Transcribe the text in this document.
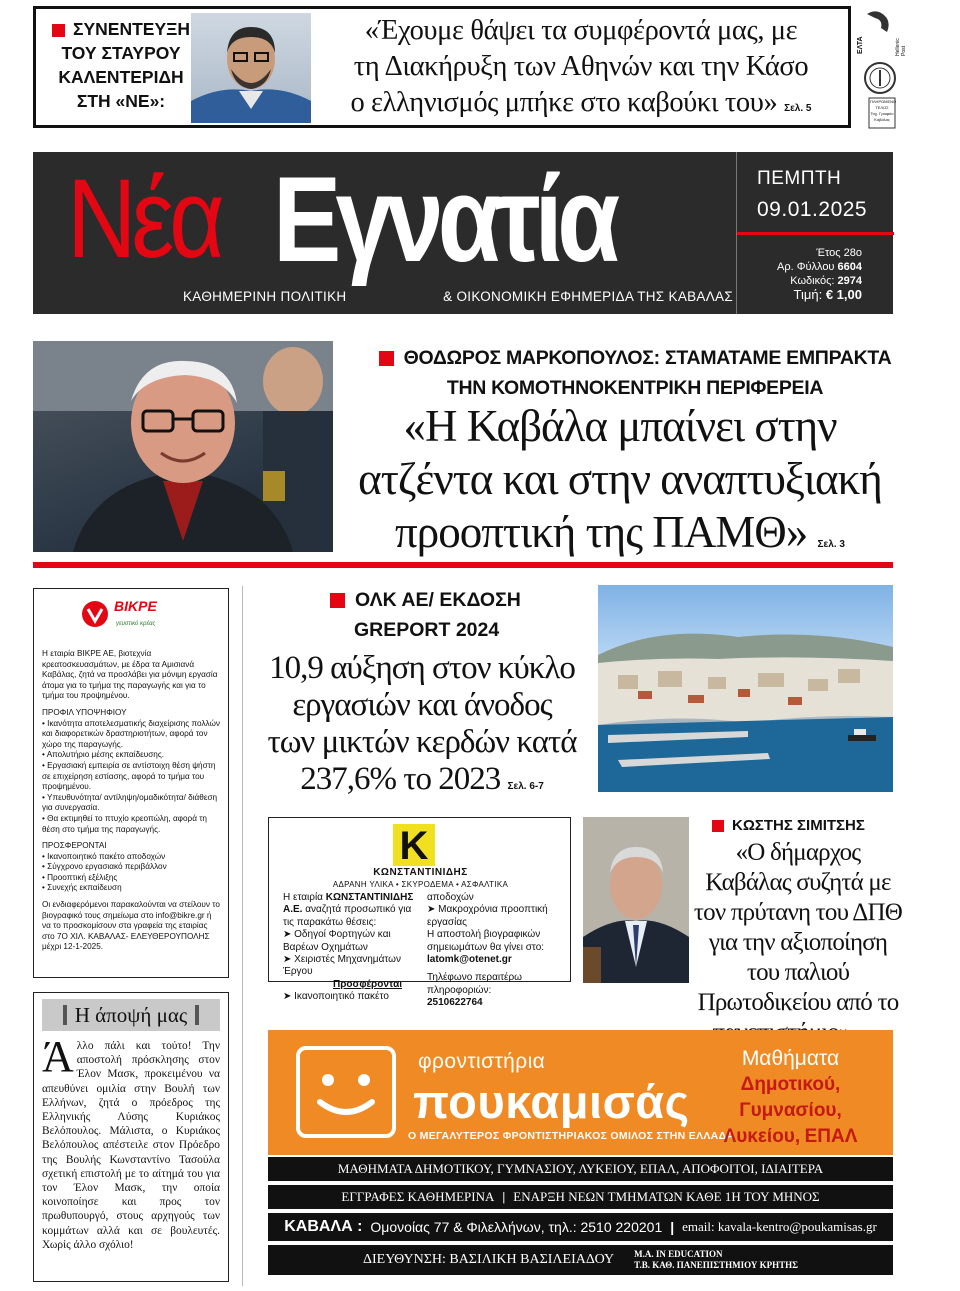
ΣΥΝΕΝΤΕΥΞΗ
ΤΟΥ ΣΤΑΥΡΟΥ
ΚΑΛΕΝΤΕΡΙΔΗ
ΣΤΗ «ΝΕ»:
«Έχουμε θάψει τα συμφέροντά μας, με
τη Διακήρυξη των Αθηνών και την Κάσο
ο ελληνισμός μπήκε στο καβούκι του» Σελ. 5
ΕΛΤΑ	Hellenic Post
ΠΛΗΡΩΜΕΝΟ
ΤΕΛΟΣ
Ταχ. Γραφείο
Καβάλας
Νέα Εγνατία
ΚΑΘΗΜΕΡΙΝΗ ΠΟΛΙΤΙΚΗ	& ΟΙΚΟΝΟΜΙΚΗ ΕΦΗΜΕΡΙΔΑ ΤΗΣ ΚΑΒΑΛΑΣ
ΠΕΜΠΤΗ
09.01.2025
Έτος 28ο
Αρ. Φύλλου 6604
Κωδικός: 2974
Τιμή: € 1,00
ΘΟΔΩΡΟΣ ΜΑΡΚΟΠΟΥΛΟΣ: ΣΤΑΜΑΤΑΜΕ ΕΜΠΡΑΚΤΑ
ΤΗΝ ΚΟΜΟΤΗΝΟΚΕΝΤΡΙΚΗ ΠΕΡΙΦΕΡΕΙΑ
«Η Καβάλα μπαίνει στην
ατζέντα και στην αναπτυξιακή
προοπτική της ΠΑΜΘ» Σελ. 3
ΒΙΚΡΕ
γευστικό κρέας

Η εταιρία ΒΙΚΡΕ ΑΕ, βιοτεχνία κρεατοσκευασμάτων, με έδρα τα Αμισιανά Καβάλας, ζητά να προσλάβει για μόνιμη εργασία άτομα για το τμήμα της παραγωγής και για το τμήμα του προψημένου.

ΠΡΟΦΙΛ ΥΠΟΨΗΦΙΟΥ
• Ικανότητα αποτελεσματικής διαχείρισης πολλών και διαφορετικών δραστηριοτήτων, αφορά τον χώρο της παραγωγής.
• Απολυτήριο μέσης εκπαίδευσης.
• Εργασιακή εμπειρία σε αντίστοιχη θέση ψήστη σε επιχείρηση εστίασης, αφορά το τμήμα του προψημένου.
• Υπευθυνότητα/ αντίληψη/ομαδικότητα/ διάθεση για συνεργασία.

• Θα εκτιμηθεί το πτυχίο κρεοπώλη, αφορά τη θέση στο τμήμα της παραγωγής.

ΠΡΟΣΦΕΡΟΝΤΑΙ
• Ικανοποιητικό πακέτο αποδοχών
• Σύγχρονο εργασιακό περιβάλλον
• Προοπτική εξέλιξης

• Συνεχής εκπαίδευση

Οι ενδιαφερόμενοι παρακαλούνται να στείλουν το βιογραφικό τους σημείωμα στο info@bikre.gr ή να το προσκομίσουν στα γραφεία της εταιρίας στο 7Ο ΧΙΛ. ΚΑΒΑΛΑΣ- ΕΛΕΥΘΕΡΟΥΠΟΛΗΣ μέχρι 12-1-2025.

Η άποψή μας
Άλλο πάλι και τούτο! Την αποστολή πρόσκλησης στον Έλον Μασκ, προκειμένου να απευθύνει ομιλία στην Βουλή των Ελλήνων, ζητά ο πρόεδρος της Ελληνικής Λύσης Κυριάκος Βελόπουλος. Μάλιστα, ο Κυριάκος Βελόπουλος απέστειλε στον Πρόεδρο της Βουλής Κωνσταντίνο Τασούλα σχετική επιστολή με το αίτημά του για τον Έλον Μασκ, την οποία κοινοποίησε και προς τον πρωθυπουργό, στους αρχηγούς των κομμάτων αλλά και σε βουλευτές. Χωρίς άλλο σχόλιο!
ΟΛΚ ΑΕ/ ΕΚΔΟΣΗ
GREPORT 2024
10,9 αύξηση στον κύκλο
εργασιών και άνοδος
των μικτών κερδών κατά
237,6% το 2023 Σελ. 6-7
K
ΚΩΝΣΤΑΝΤΙΝΙΔΗΣ
ΑΔΡΑΝΗ ΥΛΙΚΑ • ΣΚΥΡΟΔΕΜΑ • ΑΣΦΑΛΤΙΚΑ
Η εταιρία ΚΩΝΣΤΑΝΤΙΝΙΔΗΣ Α.Ε. αναζητά προσωπικό για τις παρακάτω θέσεις:
➤ Οδηγοί Φορτηγών και Βαρέων Οχημάτων
➤ Χειριστές Μηχανημάτων Έργου
Προσφέρονται
➤ Ικανοποιητικό πακέτο
αποδοχών
➤ Μακροχρόνια προοπτική εργασίας
Η αποστολή βιογραφικών σημειωμάτων θα γίνει στο:
latomk@otenet.gr
Τηλέφωνο περαιτέρω πληροφοριών:
2510622764
ΚΩΣΤΗΣ ΣΙΜΙΤΣΗΣ
«Ο δήμαρχος
Καβάλας συζητά με
τον πρύτανη του ΔΠΘ
για την αξιοποίηση
του παλιού
Πρωτοδικείου από το
φροντιστήρια
πουκαμισάς
Ο ΜΕΓΑΛΥΤΕΡΟΣ ΦΡΟΝΤΙΣΤΗΡΙΑΚΟΣ ΟΜΙΛΟΣ ΣΤΗΝ ΕΛΛΑΔΑ
Μαθήματα
Δημοτικού,
Γυμνασίου,
Λυκείου, ΕΠΑΛ
ΜΑΘΗΜΑΤΑ ΔΗΜΟΤΙΚΟΥ, ΓΥΜΝΑΣΙΟΥ, ΛΥΚΕΙΟΥ, ΕΠΑΛ, ΑΠΟΦΟΙΤΟΙ, ΙΔΙΑΙΤΕΡΑ
ΕΓΓΡΑΦΕΣ ΚΑΘΗΜΕΡΙΝΑ | ΕΝΑΡΞΗ ΝΕΩΝ ΤΜΗΜΑΤΩΝ ΚΑΘΕ 1Η ΤΟΥ ΜΗΝΟΣ
ΚΑΒΑΛΑ : Ομονοίας 77 & Φιλελλήνων, τηλ.: 2510 220201 | email: kavala-kentro@poukamisas.gr
ΔΙΕΥΘΥΝΣΗ: ΒΑΣΙΛΙΚΗ ΒΑΣΙΛΕΙΑΔΟΥ M.A. IN EDUCATION
Τ.Β. ΚΑΘ. ΠΑΝΕΠΙΣΤΗΜΙΟΥ ΚΡΗΤΗΣ
